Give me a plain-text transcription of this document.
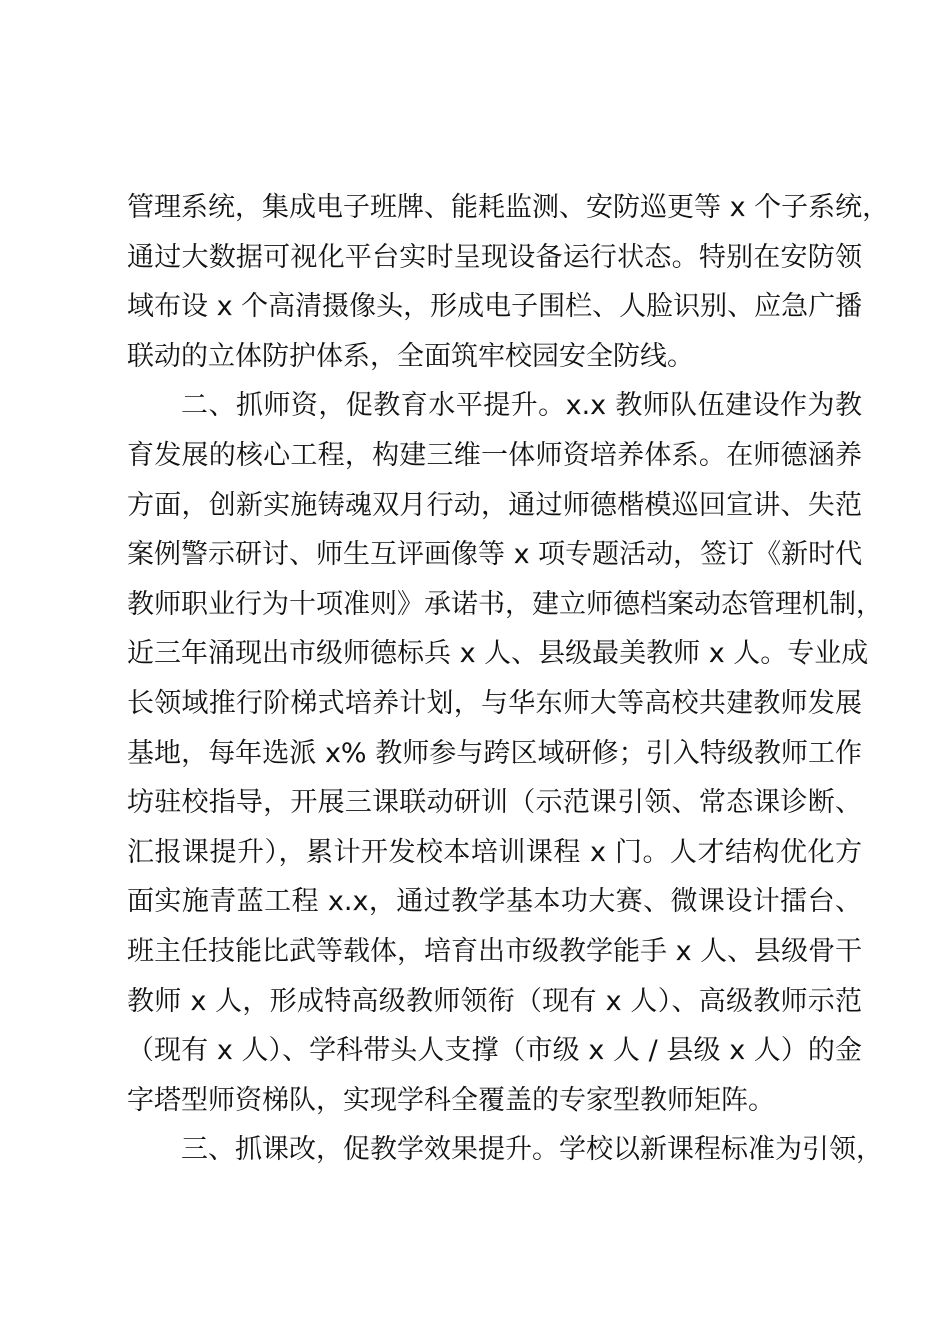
管理系统，集成电子班牌、能耗监测、安防巡更等 x 个子系统，
通过大数据可视化平台实时呈现设备运行状态。特别在安防领
域布设 x 个高清摄像头，形成电子围栏、人脸识别、应急广播
联动的立体防护体系，全面筑牢校园安全防线。
二、抓师资，促教育水平提升。x.x 教师队伍建设作为教
育发展的核心工程，构建三维一体师资培养体系。在师德涵养
方面，创新实施铸魂双月行动，通过师德楷模巡回宣讲、失范
案例警示研讨、师生互评画像等 x 项专题活动，签订《新时代
教师职业行为十项准则》承诺书，建立师德档案动态管理机制，
近三年涌现出市级师德标兵 x 人、县级最美教师 x 人。专业成
长领域推行阶梯式培养计划，与华东师大等高校共建教师发展
基地，每年选派 x% 教师参与跨区域研修；引入特级教师工作
坊驻校指导，开展三课联动研训（示范课引领、常态课诊断、
汇报课提升），累计开发校本培训课程 x 门。人才结构优化方
面实施青蓝工程 x.x，通过教学基本功大赛、微课设计擂台、
班主任技能比武等载体，培育出市级教学能手 x 人、县级骨干
教师 x 人，形成特高级教师领衔（现有 x 人）、高级教师示范
（现有 x 人）、学科带头人支撑（市级 x 人 / 县级 x 人）的金
字塔型师资梯队，实现学科全覆盖的专家型教师矩阵。
三、抓课改，促教学效果提升。学校以新课程标准为引领，
